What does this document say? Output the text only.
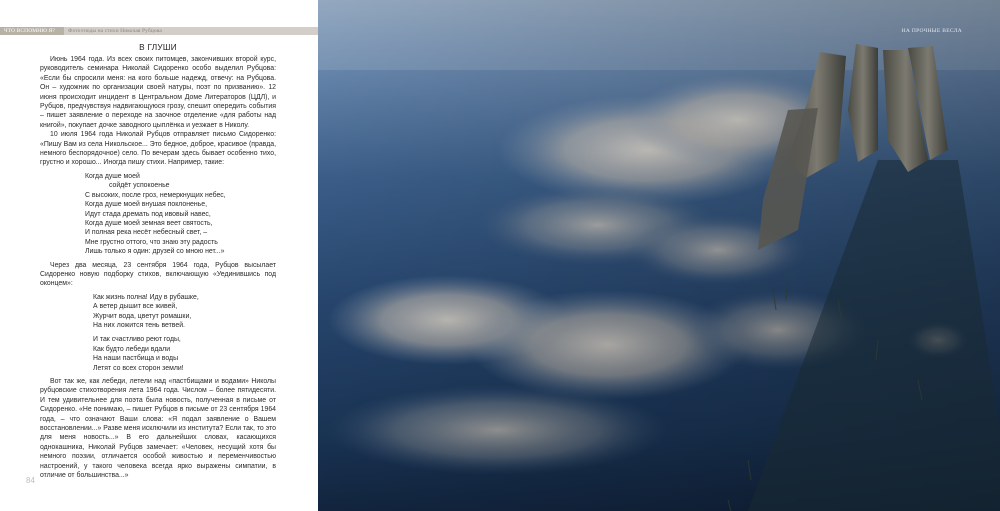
ЧТО ВСПОМНЮ Я? Фотоэтюды на стихи Николая Рубцова
В ГЛУШИ

Июнь 1964 года. Из всех своих питомцев, закончивших второй курс, руководитель семинара Николай Сидоренко особо выделил Рубцова: «Если бы спросили меня: на кого больше надежд, отвечу: на Рубцова. Он – художник по организации своей натуры, поэт по призванию». 12 июня происходит инцидент в Центральном Доме Литераторов (ЦДЛ), и Рубцов, предчувствуя надвигающуюся грозу, спешит опередить события – пишет заявление о переходе на заочное отделение «для работы над книгой», покупает дочке заводного цыплёнка и уезжает в Николу.

10 июля 1964 года Николай Рубцов отправляет письмо Сидоренко: «Пишу Вам из села Никольское... Это бедное, доброе, красивое (правда, немного беспорядочное) село. По вечерам здесь бывает особенно тихо, грустно и хорошо... Иногда пишу стихи. Например, такие:

Когда душе моей
сойдёт успокоенье
С высоких, после гроз, немеркнущих небес,
Когда душе моей внушая поклоненье,
Идут стада дремать под ивовый навес,
Когда душе моей земная веет святость,
И полная река несёт небесный свет, –
Мне грустно оттого, что знаю эту радость
Лишь только я один: друзей со мною нет...»

Через два месяца, 23 сентября 1964 года, Рубцов высылает Сидоренко новую подборку стихов, включающую «Уединившись под оконцем»:

Как жизнь полна! Иду в рубашке,
А ветер дышит все живей,
Журчит вода, цветут ромашки,
На них ложится тень ветвей.
И так счастливо реют годы,
Как будто лебеди вдали
На наши пастбища и воды
Летят со всех сторон земли!

Вот так же, как лебеди, летели над «пастбищами и водами» Николы рубцовские стихотворения лета 1964 года. Числом – более пятидесяти. И тем удивительнее для поэта была новость, полученная в письме от Сидоренко. «Не понимаю, – пишет Рубцов в письме от 23 сентября 1964 года, – что означают Ваши слова: «Я подал заявление о Вашем восстановлении...» Разве меня исключили из института? Если так, то это для меня новость...» В его дальнейших словах, касающихся однокашника, Николай Рубцов замечает: «Человек, несущий хотя бы немного поэзии, отличается особой живостью и переменчивостью настроений, у такого человека всегда ярко выражены симпатии, в отличие от большинства...»

84
НА ПРОЧНЫЕ ВЕСЛА
